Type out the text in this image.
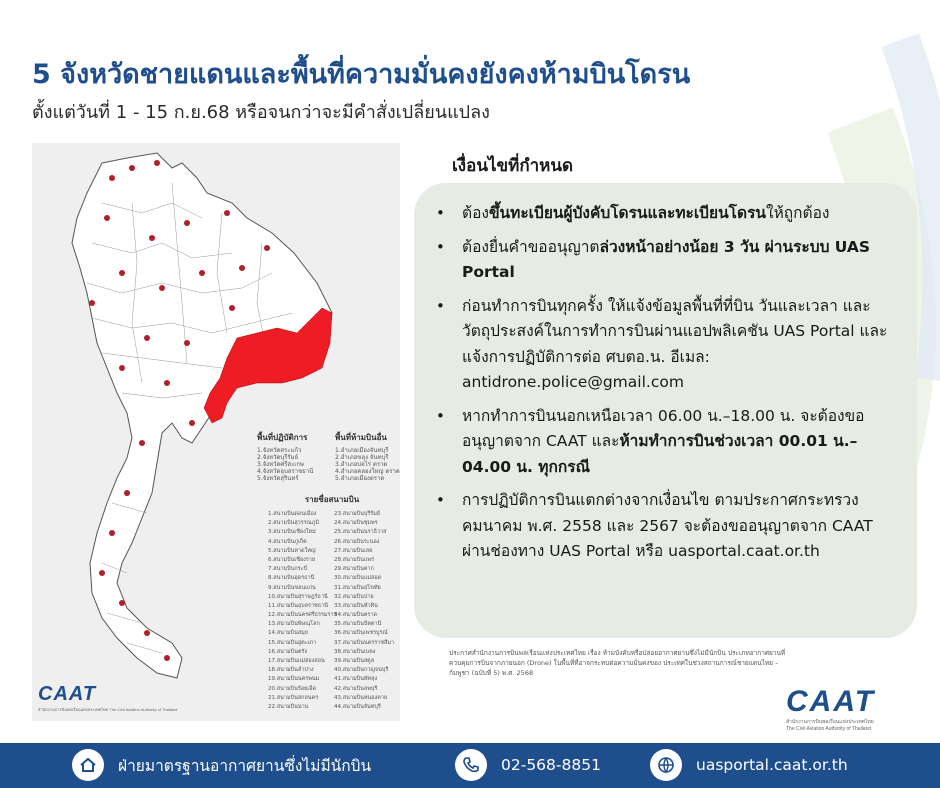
5 จังหวัดชายแดนและพื้นที่ความมั่นคงยังคงห้ามบินโดรน
ตั้งแต่วันที่ 1 - 15 ก.ย.68 หรือจนกว่าจะมีคำสั่งเปลี่ยนแปลง
พื้นที่ปฏิบัติการ
1.จังหวัดสระแก้ว
2.จังหวัดบุรีรัมย์
3.จังหวัดศรีสะเกษ
4.จังหวัดอุบลราชธานี
5.จังหวัดสุรินทร์
พื้นที่ห้ามบินอื่น
1.อำเภอเมืองจันทบุรี
2.อำเภอขลุง จันทบุรี
3.อำเภอบ่อไร่ ตราด
4.อำเภอคลองใหญ่ ตราด
5.อำเภอเมืองตราด
รายชื่อสนามบิน
1.สนามบินดอนเมือง
2.สนามบินสุวรรณภูมิ
3.สนามบินเชียงใหม่
4.สนามบินภูเก็ต
5.สนามบินหาดใหญ่
6.สนามบินเชียงราย
7.สนามบินกระบี่
8.สนามบินอุดรธานี
9.สนามบินขอนแก่น
10.สนามบินสุราษฎร์ธานี
11.สนามบินอุบลราชธานี
12.สนามบินนครศรีธรรมราช
13.สนามบินพิษณุโลก
14.สนามบินสมุย
15.สนามบินอู่ตะเภา
16.สนามบินตรัง
17.สนามบินแม่ฮ่องสอน
18.สนามบินลำปาง
19.สนามบินนครพนม
20.สนามบินร้อยเอ็ด
21.สนามบินสกลนคร
22.สนามบินน่าน
23.สนามบินบุรีรัมย์
24.สนามบินชุมพร
25.สนามบินนราธิวาส
26.สนามบินระนอง
27.สนามบินเลย
28.สนามบินแพร่
29.สนามบินตาก
30.สนามบินแม่สอด
31.สนามบินสุโขทัย
32.สนามบินปาย
33.สนามบินหัวหิน
34.สนามบินตราด
35.สนามบินปัตตานี
36.สนามบินเพชรบูรณ์
37.สนามบินนครราชสีมา
38.สนามบินเบตง
39.สนามบินสตูล
40.สนามบินกาญจนบุรี
41.สนามบินพัทลุง
42.สนามบินลพบุรี
43.สนามบินหนองคาย
44.สนามบินจันทบุรี
CAAT
สำนักงานการบินพลเรือนแห่งประเทศไทย The Civil Aviation Authority of Thailand
เงื่อนไขที่กำหนด
•	ต้องขึ้นทะเบียนผู้บังคับโดรนและทะเบียนโดรนให้ถูกต้อง
•	ต้องยื่นคำขออนุญาตล่วงหน้าอย่างน้อย 3 วัน ผ่านระบบ UAS Portal
•	ก่อนทำการบินทุกครั้ง ให้แจ้งข้อมูลพื้นที่ที่บิน วันและเวลา และวัตถุประสงค์ในการทำการบินผ่านแอปพลิเคชัน UAS Portal และแจ้งการปฏิบัติการต่อ ศบตอ.น. อีเมล: antidrone.police@gmail.com
•	หากทำการบินนอกเหนือเวลา 06.00 น.–18.00 น. จะต้องขออนุญาตจาก CAAT และห้ามทำการบินช่วงเวลา 00.01 น.– 04.00 น. ทุกกรณี
•	การปฏิบัติการบินแตกต่างจากเงื่อนไข ตามประกาศกระทรวงคมนาคม พ.ศ. 2558 และ 2567 จะต้องขออนุญาตจาก CAAT ผ่านช่องทาง UAS Portal หรือ uasportal.caat.or.th
ประกาศสำนักงานการบินพลเรือนแห่งประเทศไทย เรื่อง ห้ามบังคับหรือปล่อยอากาศยานซึ่งไม่มีนักบิน ประเภทอากาศยานที่ควบคุมการบินจากภายนอก (Drone) ในพื้นที่ที่อาจกระทบต่อความมั่นคงของ ประเทศในช่วงสถานการณ์ชายแดนไทย – กัมพูชา (ฉบับที่ 5) พ.ศ. 2568
CAAT
สำนักงานการบินพลเรือนแห่งประเทศไทย
The Civil Aviation Authority of Thailand
ฝ่ายมาตรฐานอากาศยานซึ่งไม่มีนักบิน	02-568-8851	uasportal.caat.or.th
